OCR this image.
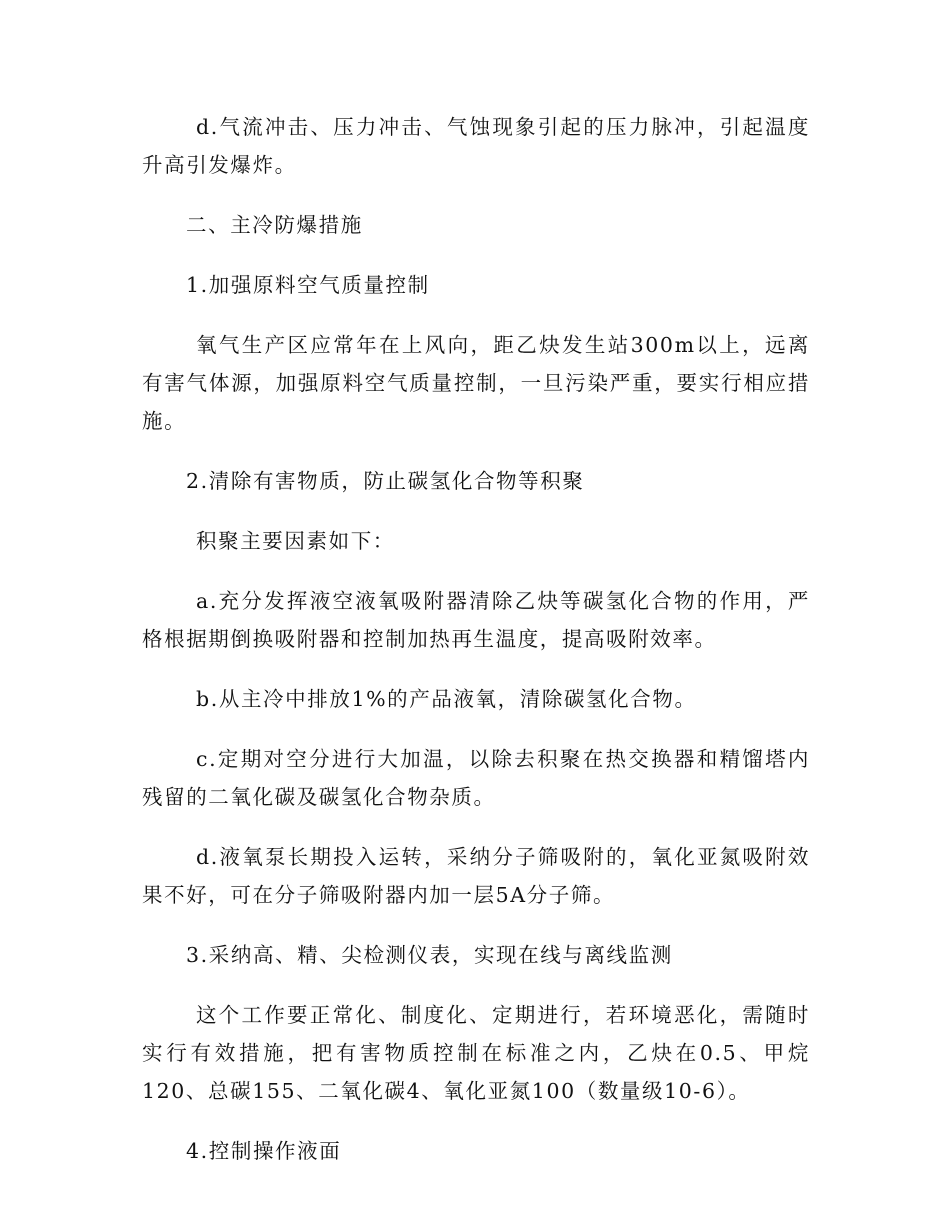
d.气流冲击、压力冲击、气蚀现象引起的压力脉冲，引起温度升高引发爆炸。

二、主冷防爆措施

1.加强原料空气质量控制

氧气生产区应常年在上风向，距乙炔发生站300m以上，远离有害气体源，加强原料空气质量控制，一旦污染严重，要实行相应措施。

2.清除有害物质，防止碳氢化合物等积聚

积聚主要因素如下：

a.充分发挥液空液氧吸附器清除乙炔等碳氢化合物的作用，严格根据期倒换吸附器和控制加热再生温度，提高吸附效率。

b.从主冷中排放1%的产品液氧，清除碳氢化合物。

c.定期对空分进行大加温，以除去积聚在热交换器和精馏塔内残留的二氧化碳及碳氢化合物杂质。

d.液氧泵长期投入运转，采纳分子筛吸附的，氧化亚氮吸附效果不好，可在分子筛吸附器内加一层5A分子筛。

3.采纳高、精、尖检测仪表，实现在线与离线监测

这个工作要正常化、制度化、定期进行，若环境恶化，需随时实行有效措施，把有害物质控制在标准之内，乙炔在0.5、甲烷120、总碳155、二氧化碳4、氧化亚氮100（数量级10-6）。

4.控制操作液面
